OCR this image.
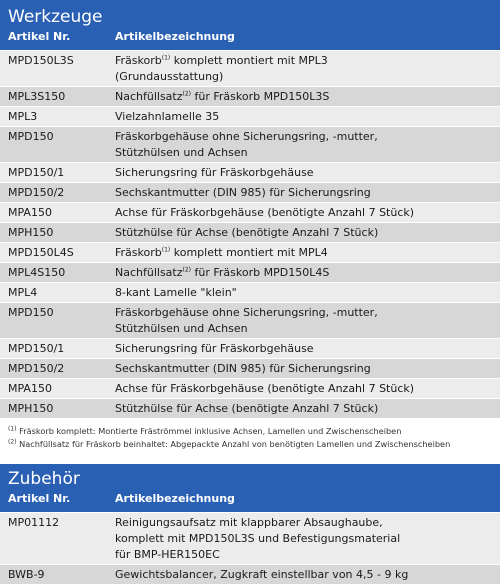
Werkzeuge
Artikel Nr.	Artikelbezeichnung
MPD150L3S	Fräskorb$^{(1)}$ komplett montiert mit MPL3
(Grundausstattung)
MPL3S150	Nachfüllsatz$^{(2)}$ für Fräskorb MPD150L3S
MPL3	Vielzahnlamelle 35
MPD150	Fräskorbgehäuse ohne Sicherungsring, -mutter,
Stützhülsen und Achsen
MPD150/1	Sicherungsring für Fräskorbgehäuse
MPD150/2	Sechskantmutter (DIN 985) für Sicherungsring
MPA150	Achse für Fräskorbgehäuse (benötigte Anzahl 7 Stück)
MPH150	Stützhülse für Achse (benötigte Anzahl 7 Stück)
MPD150L4S	Fräskorb$^{(1)}$ komplett montiert mit MPL4
MPL4S150	Nachfüllsatz$^{(2)}$ für Fräskorb MPD150L4S
MPL4	8-kant Lamelle "klein"
MPD150	Fräskorbgehäuse ohne Sicherungsring, -mutter,
Stützhülsen und Achsen
MPD150/1	Sicherungsring für Fräskorbgehäuse
MPD150/2	Sechskantmutter (DIN 985) für Sicherungsring
MPA150	Achse für Fräskorbgehäuse (benötigte Anzahl 7 Stück)
MPH150	Stützhülse für Achse (benötigte Anzahl 7 Stück)
$^{(1)}$ Fräskorb komplett: Montierte Fräströmmel inklusive Achsen, Lamellen und Zwischenscheiben
$^{(2)}$ Nachfüllsatz für Fräskorb beinhaltet: Abgepackte Anzahl von benötigten Lamellen und Zwischenscheiben
Zubehör
Artikel Nr.	Artikelbezeichnung
MP01112	Reinigungsaufsatz mit klappbarer Absaughaube,
komplett mit MPD150L3S und Befestigungsmaterial
für BMP-HER150EC
BWB-9	Gewichtsbalancer, Zugkraft einstellbar von 4,5 - 9 kg
